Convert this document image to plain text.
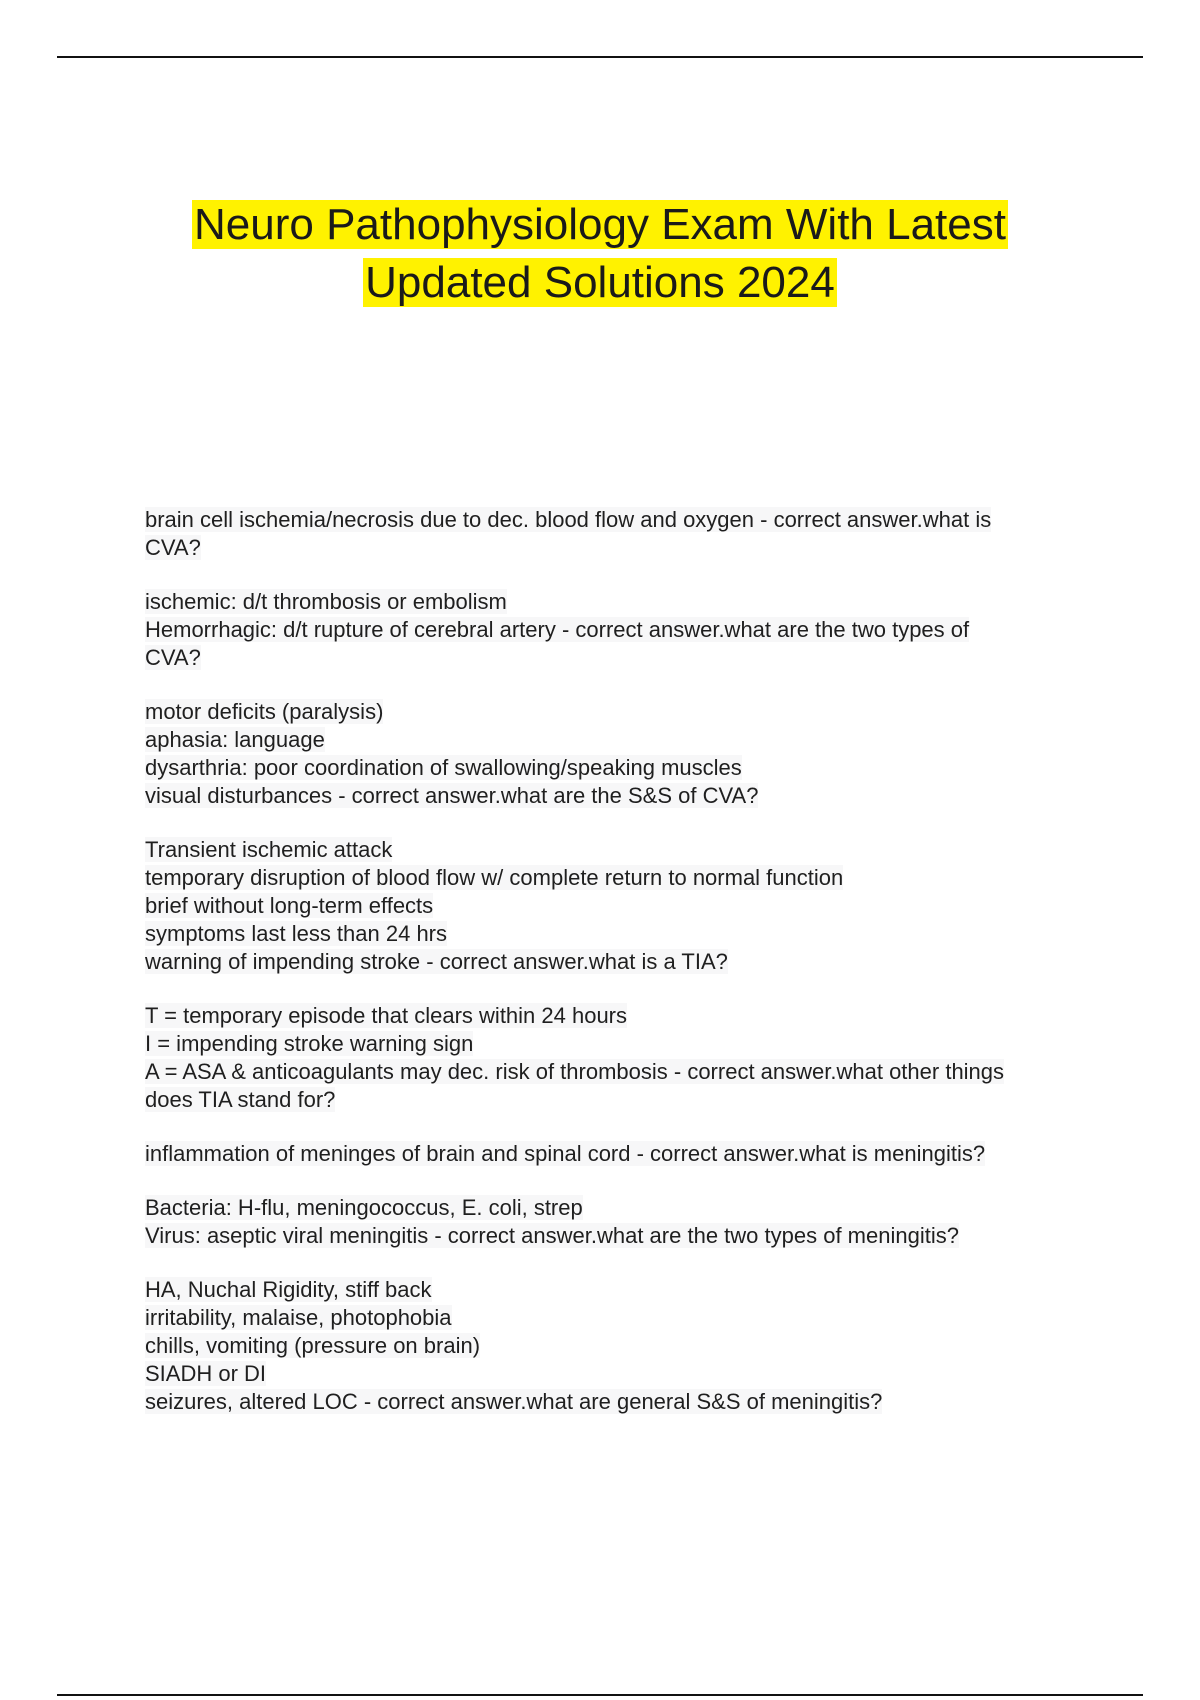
Neuro Pathophysiology Exam With Latest
Updated Solutions 2024
brain cell ischemia/necrosis due to dec. blood flow and oxygen - correct answer.what is
CVA?
ischemic: d/t thrombosis or embolism
Hemorrhagic: d/t rupture of cerebral artery - correct answer.what are the two types of
CVA?
motor deficits (paralysis)
aphasia: language
dysarthria: poor coordination of swallowing/speaking muscles
visual disturbances - correct answer.what are the S&S of CVA?
Transient ischemic attack
temporary disruption of blood flow w/ complete return to normal function
brief without long-term effects
symptoms last less than 24 hrs
warning of impending stroke - correct answer.what is a TIA?
T = temporary episode that clears within 24 hours
I = impending stroke warning sign
A = ASA & anticoagulants may dec. risk of thrombosis - correct answer.what other things
does TIA stand for?
inflammation of meninges of brain and spinal cord - correct answer.what is meningitis?
Bacteria: H-flu, meningococcus, E. coli, strep
Virus: aseptic viral meningitis - correct answer.what are the two types of meningitis?
HA, Nuchal Rigidity, stiff back
irritability, malaise, photophobia
chills, vomiting (pressure on brain)
SIADH or DI
seizures, altered LOC - correct answer.what are general S&S of meningitis?
